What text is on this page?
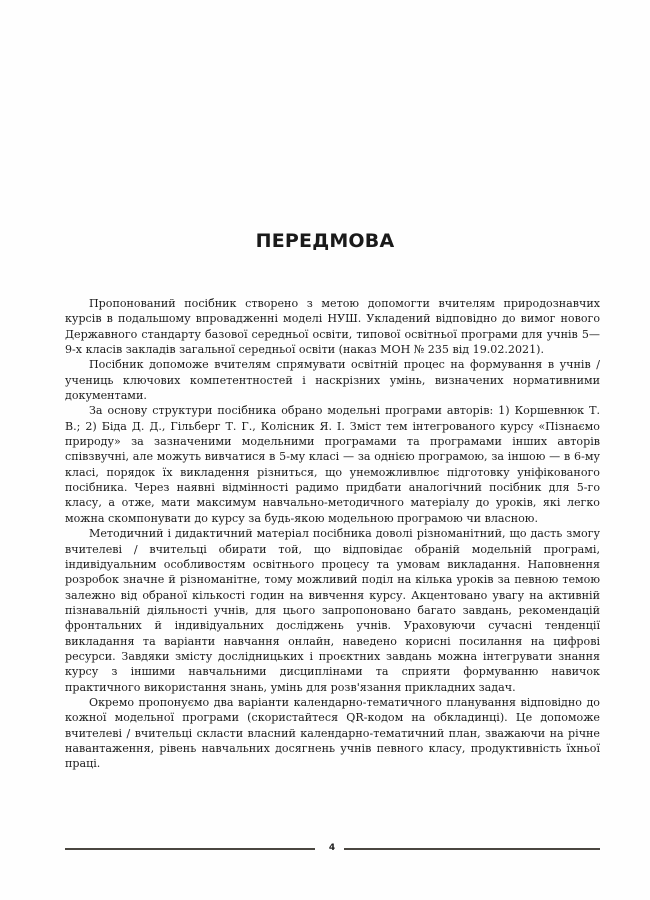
ПЕРЕДМОВА

Пропонований посібник створено з метою допомогти вчителям природознавчих курсів в подальшому впровадженні моделі НУШ. Укладений відповідно до вимог нового Державного стандарту базової середньої освіти, типової освітньої програми для учнів 5—9-х класів закладів загальної середньої освіти (наказ МОН № 235 від 19.02.2021).

Посібник допоможе вчителям спрямувати освітній процес на формування в учнів / учениць ключових компетентностей і наскрізних умінь, визначених нормативними документами.

За основу структури посібника обрано модельні програми авторів: 1) Коршевнюк Т. В.; 2) Біда Д. Д., Гільберг Т. Г., Колісник Я. І. Зміст тем інтегрованого курсу «Пізнаємо природу» за зазначеними модельними програмами та програмами інших авторів співзвучні, але можуть вивчатися в 5-му класі — за однією програмою, за іншою — в 6-му класі, порядок їх викладення різниться, що унеможливлює підготовку уніфікованого посібника. Через наявні відмінності радимо придбати аналогічний посібник для 5-го класу, а отже, мати максимум навчально-методичного матеріалу до уроків, які легко можна скомпонувати до курсу за будь-якою модельною програмою чи власною.

Методичний і дидактичний матеріал посібника доволі різноманітний, що дасть змогу вчителеві / вчительці обирати той, що відповідає обраній модельній програмі, індивідуальним особливостям освітнього процесу та умовам викладання. Наповнення розробок значне й різноманітне, тому можливий поділ на кілька уроків за певною темою залежно від обраної кількості годин на вивчення курсу. Акцентовано увагу на активній пізнавальній діяльності учнів, для цього запропоновано багато завдань, рекомендацій фронтальних й індивідуальних досліджень учнів. Ураховуючи сучасні тенденції викладання та варіанти навчання онлайн, наведено корисні посилання на цифрові ресурси. Завдяки змісту дослідницьких і проєктних завдань можна інтегрувати знання курсу з іншими навчальними дисциплінами та сприяти формуванню навичок практичного використання знань, умінь для розв'язання прикладних задач.

Окремо пропонуємо два варіанти календарно-тематичного планування відповідно до кожної модельної програми (скористайтеся QR-кодом на обкладинці). Це допоможе вчителеві / вчительці скласти власний календарно-тематичний план, зважаючи на річне навантаження, рівень навчальних досягнень учнів певного класу, продуктивність їхньої праці.

4
